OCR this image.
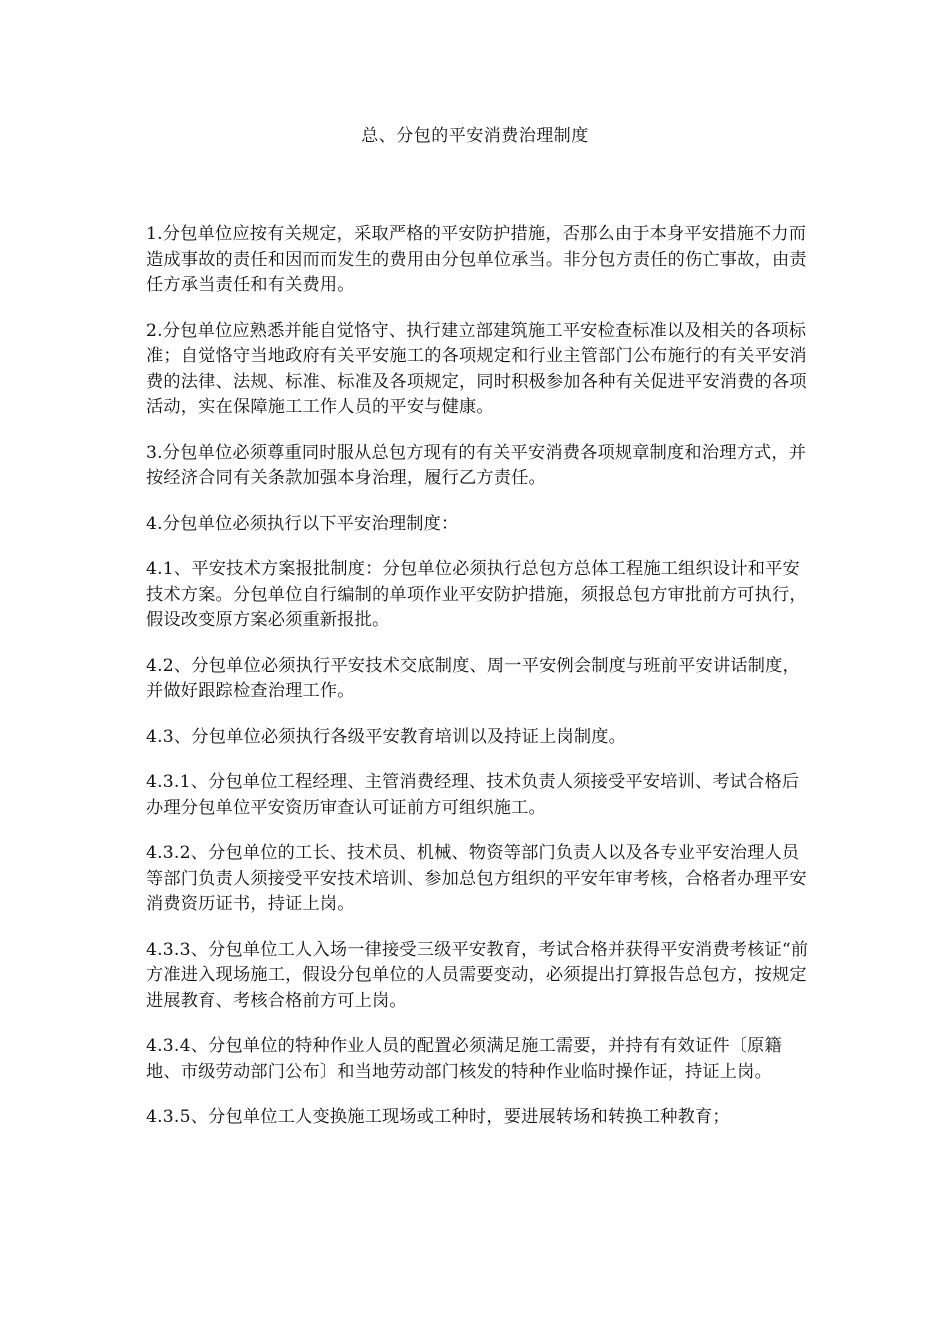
总、分包的平安消费治理制度

1.分包单位应按有关规定，采取严格的平安防护措施，否那么由于本身平安措施不力而造成事故的责任和因而而发生的费用由分包单位承当。非分包方责任的伤亡事故，由责任方承当责任和有关费用。

2.分包单位应熟悉并能自觉恪守、执行建立部建筑施工平安检查标准以及相关的各项标准；自觉恪守当地政府有关平安施工的各项规定和行业主管部门公布施行的有关平安消费的法律、法规、标准、标准及各项规定，同时积极参加各种有关促进平安消费的各项活动，实在保障施工工作人员的平安与健康。

3.分包单位必须尊重同时服从总包方现有的有关平安消费各项规章制度和治理方式，并按经济合同有关条款加强本身治理，履行乙方责任。

4.分包单位必须执行以下平安治理制度：

4.1、平安技术方案报批制度：分包单位必须执行总包方总体工程施工组织设计和平安技术方案。分包单位自行编制的单项作业平安防护措施，须报总包方审批前方可执行，假设改变原方案必须重新报批。

4.2、分包单位必须执行平安技术交底制度、周一平安例会制度与班前平安讲话制度，并做好跟踪检查治理工作。

4.3、分包单位必须执行各级平安教育培训以及持证上岗制度。

4.3.1、分包单位工程经理、主管消费经理、技术负责人须接受平安培训、考试合格后办理分包单位平安资历审查认可证前方可组织施工。

4.3.2、分包单位的工长、技术员、机械、物资等部门负责人以及各专业平安治理人员等部门负责人须接受平安技术培训、参加总包方组织的平安年审考核，合格者办理平安消费资历证书，持证上岗。

4.3.3、分包单位工人入场一律接受三级平安教育，考试合格并获得平安消费考核证“前方准进入现场施工，假设分包单位的人员需要变动，必须提出打算报告总包方，按规定进展教育、考核合格前方可上岗。

4.3.4、分包单位的特种作业人员的配置必须满足施工需要，并持有有效证件〔原籍地、市级劳动部门公布〕和当地劳动部门核发的特种作业临时操作证，持证上岗。

4.3.5、分包单位工人变换施工现场或工种时，要进展转场和转换工种教育；
